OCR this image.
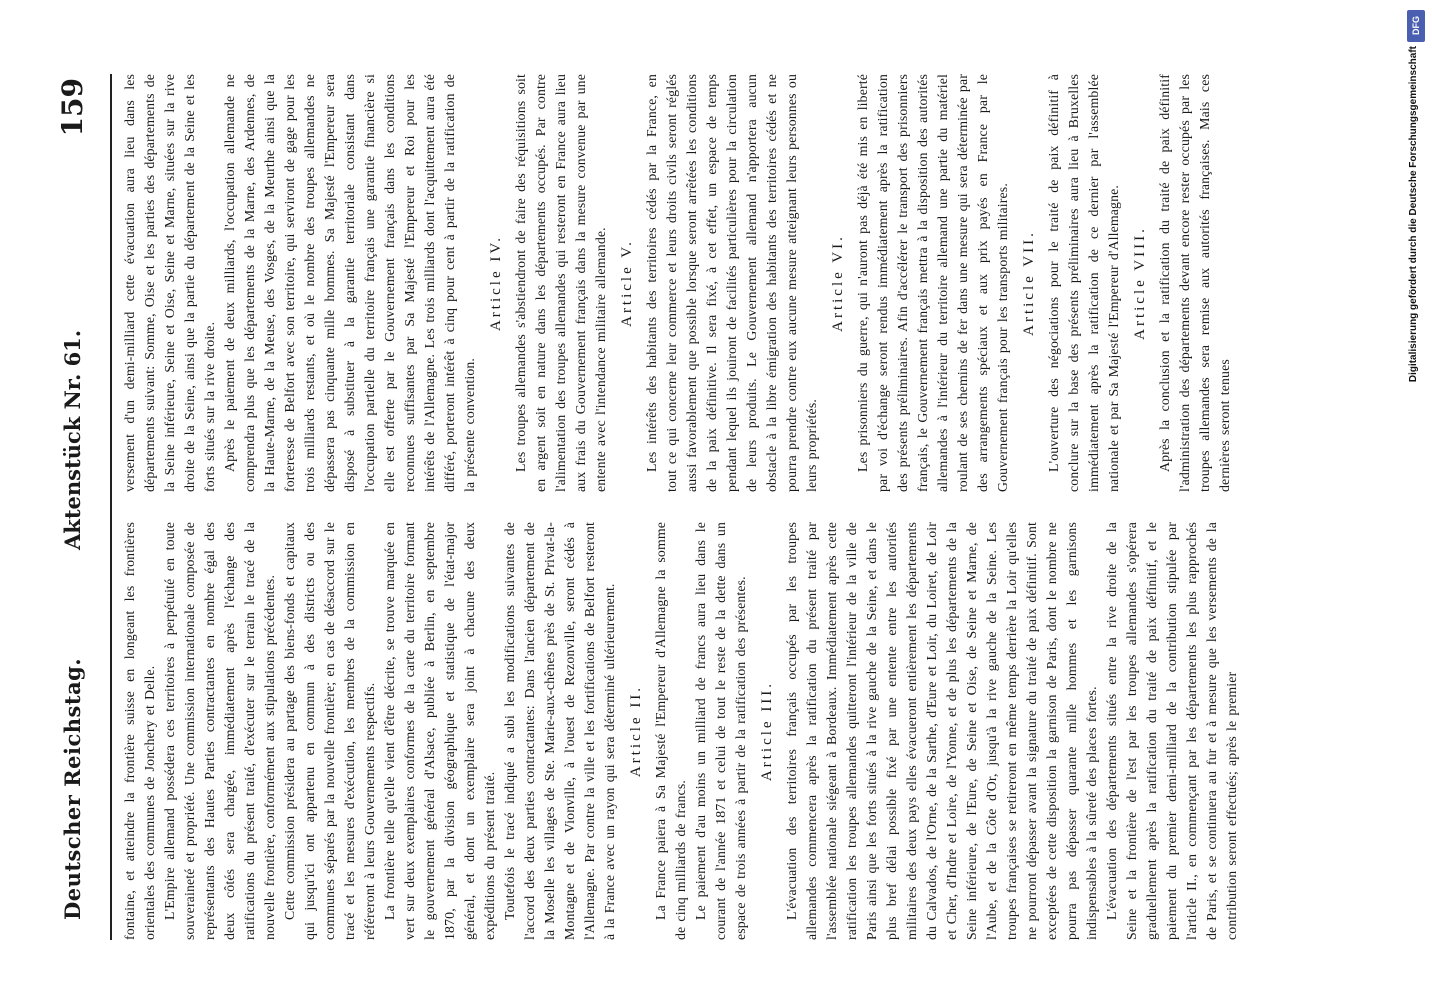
Deutscher Reichstag.
Aktenstück Nr. 61.
159

fontaine, et atteindre la frontière suisse en longeant les frontières orientales des communes de Jonchery et Delle. L'Empire allemand possédera ces territoires à perpétuité en toute souveraineté et propriété. Une commission internationale composée de représentants des Hautes Parties contractantes en nombre égal des deux côtés sera chargée, immédiatement après l'échange des ratifications du présent traité, d'exécuter sur le terrain le tracé de la nouvelle frontière, conformément aux stipulations précédentes. Cette commission présidera au partage des biens-fonds et capitaux qui jusqu'ici ont appartenu en commun à des districts ou des communes séparés par la nouvelle frontière; en cas de désaccord sur le tracé et les mesures d'exécution, les membres de la commission en référeront à leurs Gouvernements respectifs. La frontière telle qu'elle vient d'être décrite, se trouve marquée en vert sur deux exemplaires conformes de la carte du territoire formant le gouvernement général d'Alsace, publiée à Berlin, en septembre 1870, par la division géographique et statistique de l'état-major général, et dont un exemplaire sera joint à chacune des deux expéditions du présent traité. Toutefois le tracé indiqué a subi les modifications suivantes de l'accord des deux parties contractantes: Dans l'ancien département de la Moselle les villages de Ste. Marie-aux-chênes près de St. Privat-la-Montagne et de Vionville, à l'ouest de Rezonville, seront cédés à l'Allemagne. Par contre la ville et les fortifications de Belfort resteront à la France avec un rayon qui sera déterminé ultérieurement. Article II. La France paiera à Sa Majesté l'Empereur d'Allemagne la somme de cinq milliards de francs. Le paiement d'au moins un milliard de francs aura lieu dans le courant de l'année 1871 et celui de tout le reste de la dette dans un espace de trois années à partir de la ratification des présentes. Article III. L'évacuation des territoires français occupés par les troupes allemandes commencera après la ratification du présent traité par l'assemblée nationale siégeant à Bordeaux. Immédiatement après cette ratification les troupes allemandes quitteront l'intérieur de la ville de Paris ainsi que les forts situés à la rive gauche de la Seine, et dans le plus bref délai possible fixé par une entente entre les autorités militaires des deux pays elles évacueront entièrement les départements du Calvados, de l'Orne, de la Sarthe, d'Eure et Loir, du Loiret, de Loir et Cher, d'Indre et Loire, de l'Yonne, et de plus les départements de la Seine inférieure, de l'Eure, de Seine et Oise, de Seine et Marne, de l'Aube, et de la Côte d'Or, jusqu'à la rive gauche de la Seine. Les troupes françaises se retireront en même temps derrière la Loir qu'elles ne pourront dépasser avant la signature du traité de paix définitif. Sont exceptées de cette disposition la garnison de Paris, dont le nombre ne pourra pas dépasser quarante mille hommes et les garnisons indispensables à la sûreté des places fortes. L'évacuation des départements situés entre la rive droite de la Seine et la frontière de l'est par les troupes allemandes s'opérera graduellement après la ratification du traité de paix définitif, et le paiement du premier demi-milliard de la contribution stipulée par l'article II., en commençant par les départements les plus rapprochés de Paris, et se continuera au fur et à mesure que les versements de la contribution seront effectués; après le premier

versement d'un demi-milliard cette évacuation aura lieu dans les départements suivant: Somme, Oise et les parties des départements de la Seine inférieure, Seine et Oise, Seine et Marne, situées sur la rive droite de la Seine, ainsi que la partie du département de la Seine et les forts situés sur la rive droite. Après le paiement de deux milliards, l'occupation allemande ne comprendra plus que les départements de la Marne, des Ardennes, de la Haute-Marne, de la Meuse, des Vosges, de la Meurthe ainsi que la forteresse de Belfort avec son territoire, qui serviront de gage pour les trois milliards restants, et où le nombre des troupes allemandes ne dépassera pas cinquante mille hommes. Sa Majesté l'Empereur sera disposé à substituer à la garantie territoriale consistant dans l'occupation partielle du territoire français une garantie financière si elle est offerte par le Gouvernement français dans les conditions reconnues suffisantes par Sa Majesté l'Empereur et Roi pour les intérêts de l'Allemagne. Les trois milliards dont l'acquittement aura été différé, porteront intérêt à cinq pour cent à partir de la ratification de la présente convention.

Article IV. Les troupes allemandes s'abstiendront de faire des réquisitions soit en argent soit en nature dans les départements occupés. Par contre l'alimentation des troupes allemandes qui resteront en France aura lieu aux frais du Gouvernement français dans la mesure convenue par une entente avec l'intendance militaire allemande. Article V. Les intérêts des habitants des territoires cédés par la France, en tout ce qui concerne leur commerce et leurs droits civils seront réglés aussi favorablement que possible lorsque seront arrêtées les conditions de la paix définitive. Il sera fixé, à cet effet, un espace de temps pendant lequel ils jouiront de facilités particulières pour la circulation de leurs produits. Le Gouvernement allemand n'apportera aucun obstacle à la libre émigration des habitants des territoires cédés et ne pourra prendre contre eux aucune mesure atteignant leurs personnes ou leurs propriétés.

Article VI. Les prisonniers du guerre, qui n'auront pas déjà été mis en liberté par voi d'échange seront rendus immédiatement après la ratification des présents préliminaires. Afin d'accélérer le transport des prisonniers français, le Gouvernement français mettra à la disposition des autorités allemandes à l'intérieur du territoire allemand une partie du matériel roulant de ses chemins de fer dans une mesure qui sera déterminée par des arrangements spéciaux et aux prix payés en France par le Gouvernement français pour les transports militaires. Article VII. L'ouverture des négociations pour le traité de paix définitif à conclure sur la base des présents préliminaires aura lieu à Bruxelles immédiatement après la ratification de ce dernier par l'assemblée nationale et par Sa Majesté l'Empereur d'Allemagne. Article VIII. Après la conclusion et la ratification du traité de paix définitif l'administration des départements devant encore rester occupés par les troupes allemandes sera remise aux autorités françaises. Mais ces dernières seront tenues

DFG
Digitalisierung gefördert durch die Deutsche Forschungsgemeinschaft
